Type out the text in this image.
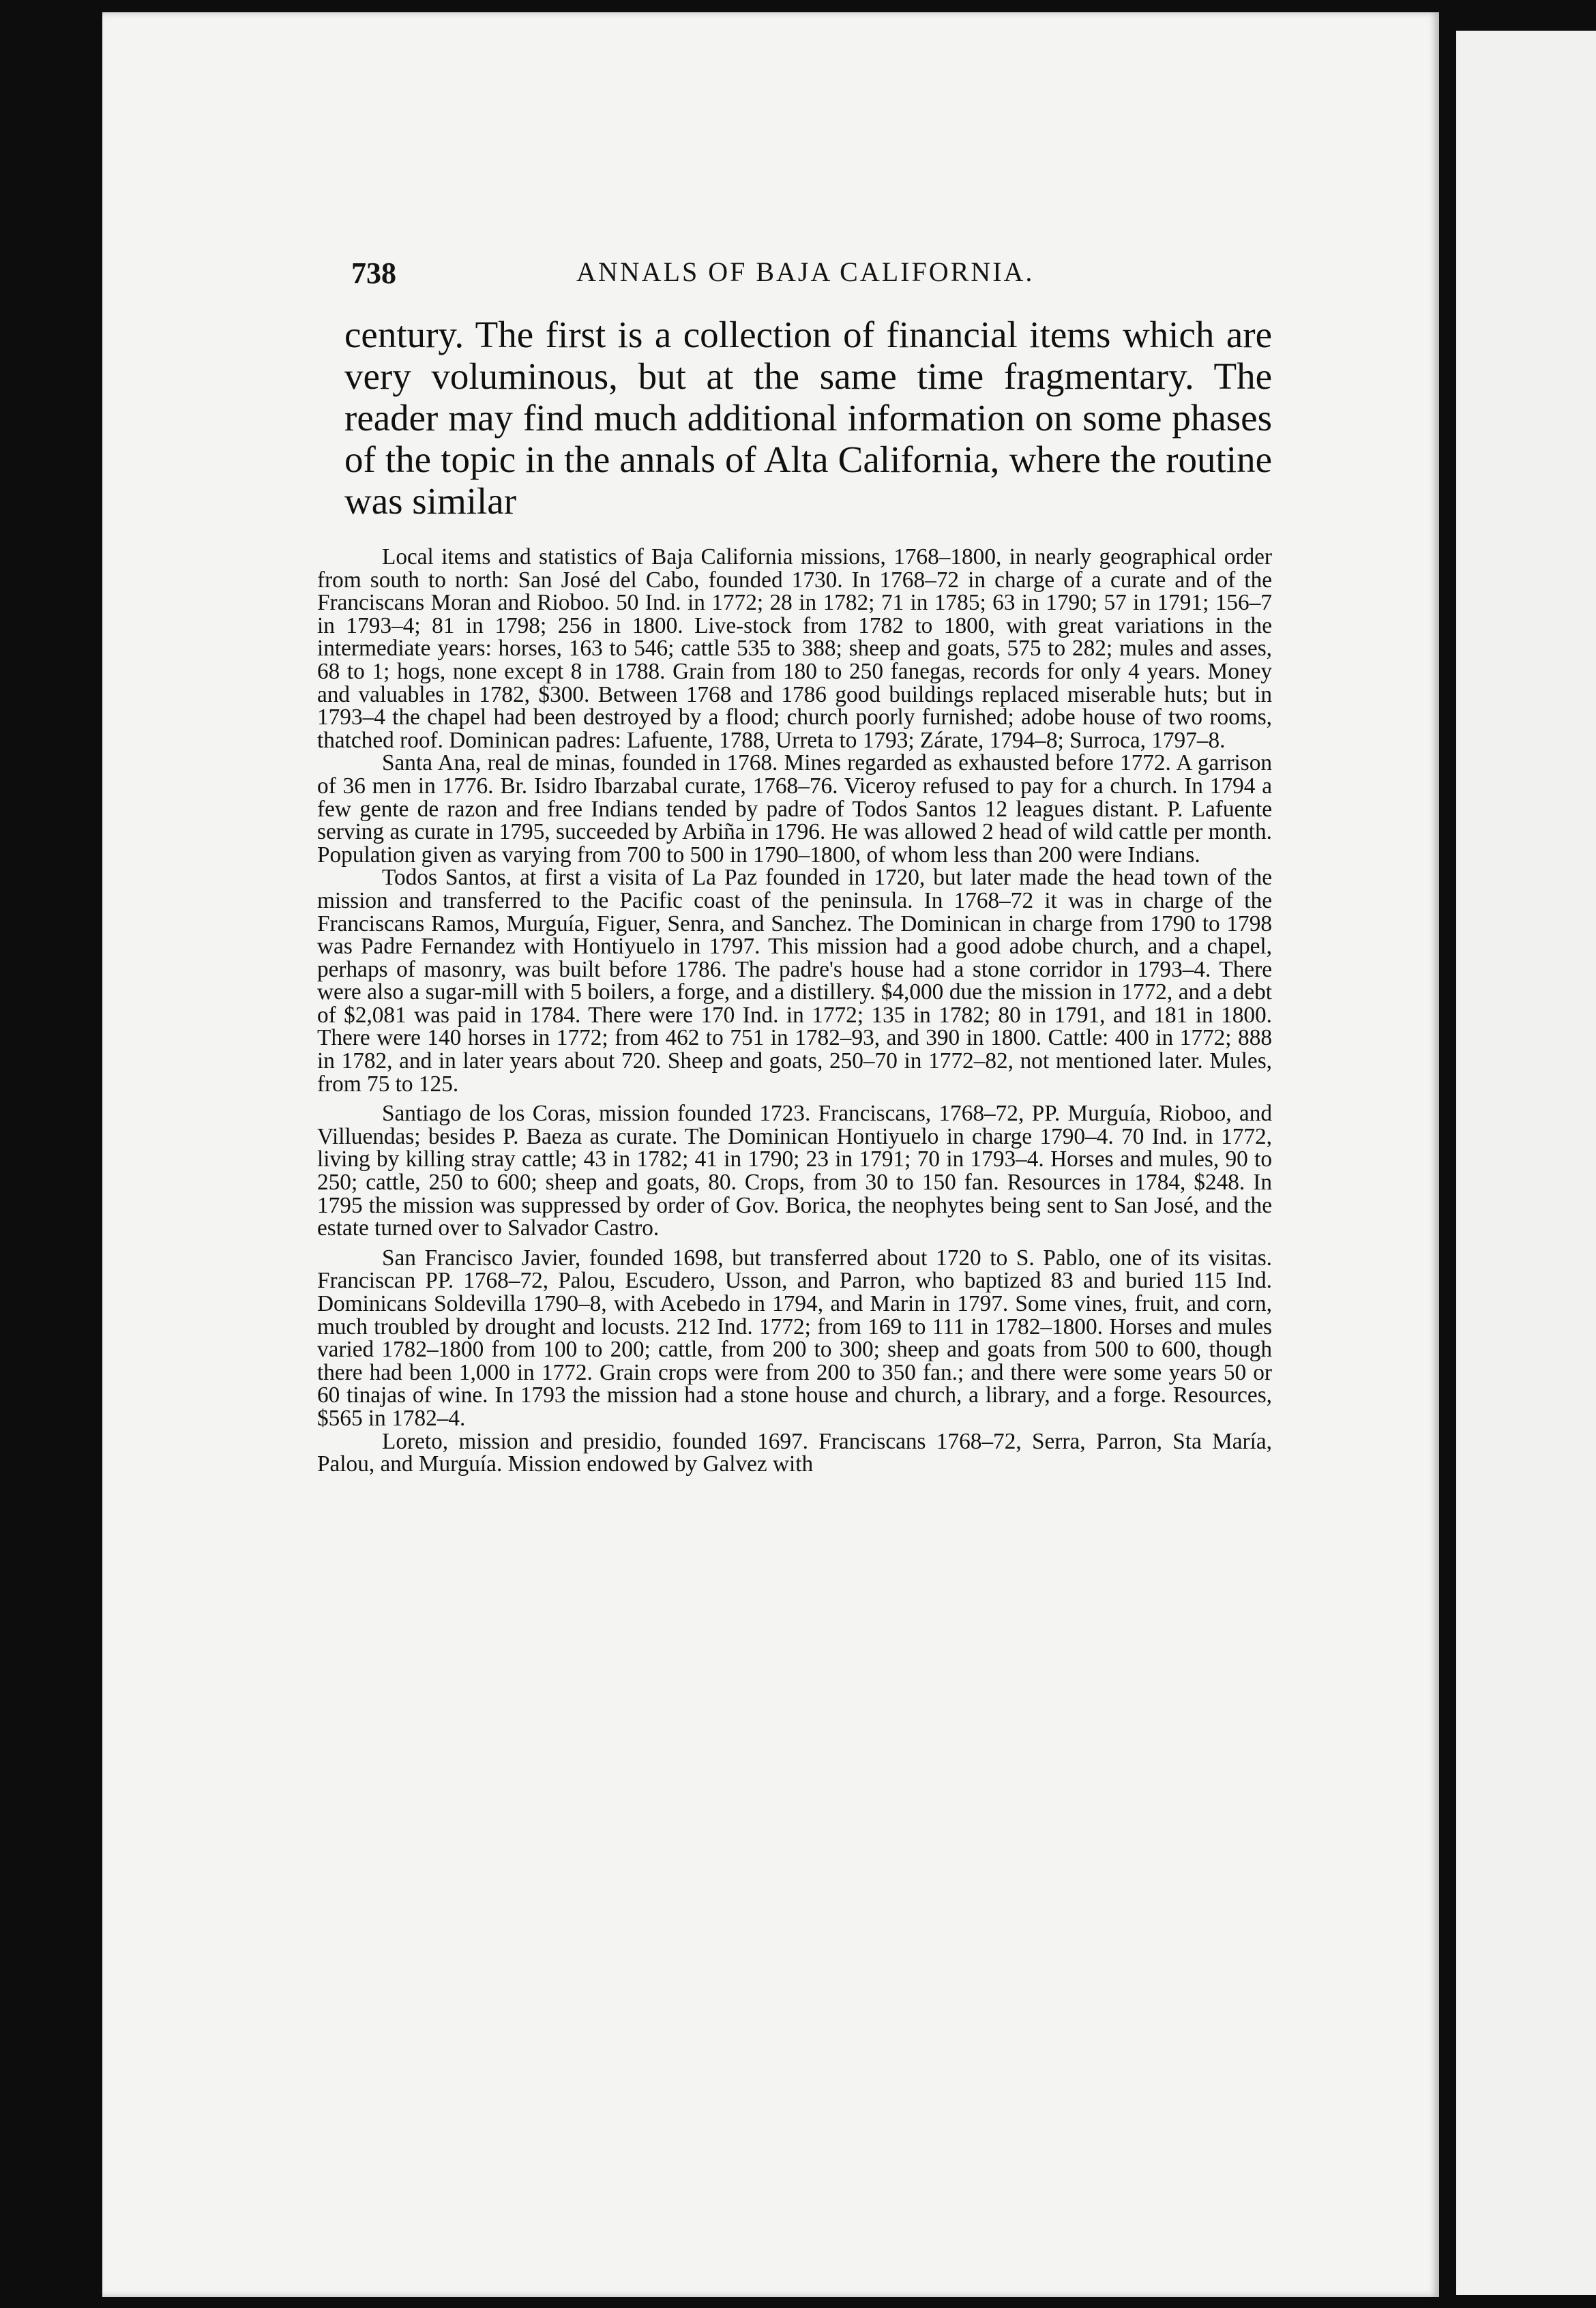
738	ANNALS OF BAJA CALIFORNIA.

century. The first is a collection of financial items which are very voluminous, but at the same time fragmentary. The reader may find much additional information on some phases of the topic in the annals of Alta California, where the routine was similar

Local items and statistics of Baja California missions, 1768–1800, in nearly geographical order from south to north: San José del Cabo, founded 1730. In 1768–72 in charge of a curate and of the Franciscans Moran and Rioboo. 50 Ind. in 1772; 28 in 1782; 71 in 1785; 63 in 1790; 57 in 1791; 156–7 in 1793–4; 81 in 1798; 256 in 1800. Live-stock from 1782 to 1800, with great variations in the intermediate years: horses, 163 to 546; cattle 535 to 388; sheep and goats, 575 to 282; mules and asses, 68 to 1; hogs, none except 8 in 1788. Grain from 180 to 250 fanegas, records for only 4 years. Money and valuables in 1782, $300. Between 1768 and 1786 good buildings replaced miserable huts; but in 1793–4 the chapel had been destroyed by a flood; church poorly furnished; adobe house of two rooms, thatched roof. Dominican padres: Lafuente, 1788, Urreta to 1793; Zárate, 1794–8; Surroca, 1797–8.

Santa Ana, real de minas, founded in 1768. Mines regarded as exhausted before 1772. A garrison of 36 men in 1776. Br. Isidro Ibarzabal curate, 1768–76. Viceroy refused to pay for a church. In 1794 a few gente de razon and free Indians tended by padre of Todos Santos 12 leagues distant. P. Lafuente serving as curate in 1795, succeeded by Arbiña in 1796. He was allowed 2 head of wild cattle per month. Population given as varying from 700 to 500 in 1790–1800, of whom less than 200 were Indians.

Todos Santos, at first a visita of La Paz founded in 1720, but later made the head town of the mission and transferred to the Pacific coast of the peninsula. In 1768–72 it was in charge of the Franciscans Ramos, Murguía, Figuer, Senra, and Sanchez. The Dominican in charge from 1790 to 1798 was Padre Fernandez with Hontiyuelo in 1797. This mission had a good adobe church, and a chapel, perhaps of masonry, was built before 1786. The padre's house had a stone corridor in 1793–4. There were also a sugar-mill with 5 boilers, a forge, and a distillery. $4,000 due the mission in 1772, and a debt of $2,081 was paid in 1784. There were 170 Ind. in 1772; 135 in 1782; 80 in 1791, and 181 in 1800. There were 140 horses in 1772; from 462 to 751 in 1782–93, and 390 in 1800. Cattle: 400 in 1772; 888 in 1782, and in later years about 720. Sheep and goats, 250–70 in 1772–82, not mentioned later. Mules, from 75 to 125.

Santiago de los Coras, mission founded 1723. Franciscans, 1768–72, PP. Murguía, Rioboo, and Villuendas; besides P. Baeza as curate. The Dominican Hontiyuelo in charge 1790–4. 70 Ind. in 1772, living by killing stray cattle; 43 in 1782; 41 in 1790; 23 in 1791; 70 in 1793–4. Horses and mules, 90 to 250; cattle, 250 to 600; sheep and goats, 80. Crops, from 30 to 150 fan. Resources in 1784, $248. In 1795 the mission was suppressed by order of Gov. Borica, the neophytes being sent to San José, and the estate turned over to Salvador Castro.

San Francisco Javier, founded 1698, but transferred about 1720 to S. Pablo, one of its visitas. Franciscan PP. 1768–72, Palou, Escudero, Usson, and Parron, who baptized 83 and buried 115 Ind. Dominicans Soldevilla 1790–8, with Acebedo in 1794, and Marin in 1797. Some vines, fruit, and corn, much troubled by drought and locusts. 212 Ind. 1772; from 169 to 111 in 1782–1800. Horses and mules varied 1782–1800 from 100 to 200; cattle, from 200 to 300; sheep and goats from 500 to 600, though there had been 1,000 in 1772. Grain crops were from 200 to 350 fan.; and there were some years 50 or 60 tinajas of wine. In 1793 the mission had a stone house and church, a library, and a forge. Resources, $565 in 1782–4.

Loreto, mission and presidio, founded 1697. Franciscans 1768–72, Serra, Parron, Sta María, Palou, and Murguía. Mission endowed by Galvez with
